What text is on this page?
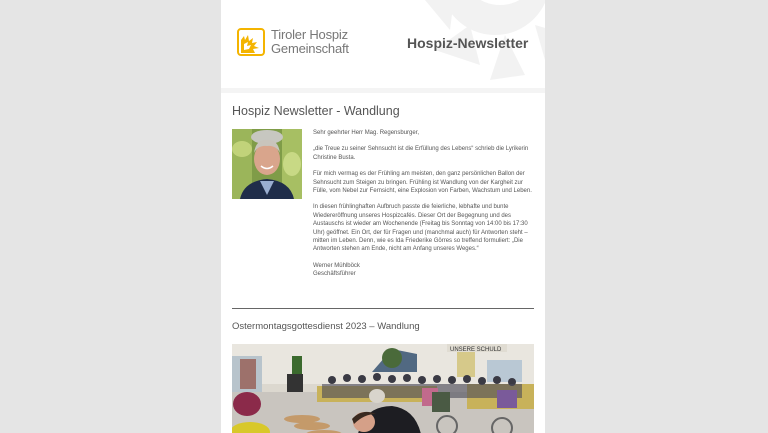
Tiroler Hospiz
Gemeinschaft	Hospiz-Newsletter
Hospiz Newsletter - Wandlung

Sehr geehrter Herr Mag. Regensburger,

„die Treue zu seiner Sehnsucht ist die Erfüllung des Lebens“ schrieb die Lyrikerin Christine Busta.

Für mich vermag es der Frühling am meisten, den ganz persönlichen Ballon der Sehnsucht zum Steigen zu bringen. Frühling ist Wandlung von der Kargheit zur Fülle, vom Nebel zur Fernsicht, eine Explosion von Farben, Wachstum und Leben.

In diesen frühlinghaften Aufbruch passte die feierliche, lebhafte und bunte Wiedereröffnung unseres Hospizcafés. Dieser Ort der Begegnung und des Austauschs ist wieder am Wochenende (Freitag bis Sonntag von 14:00 bis 17:30 Uhr) geöffnet. Ein Ort, der für Fragen und (manchmal auch) für Antworten steht – mitten im Leben. Denn, wie es Ida Friederike Görres so treffend formuliert: „Die Antworten stehen am Ende, nicht am Anfang unseres Weges.“

Werner Mühlböck
Geschäftsführer

Ostermontagsgottesdienst 2023 – Wandlung
UNSERE SCHULD
